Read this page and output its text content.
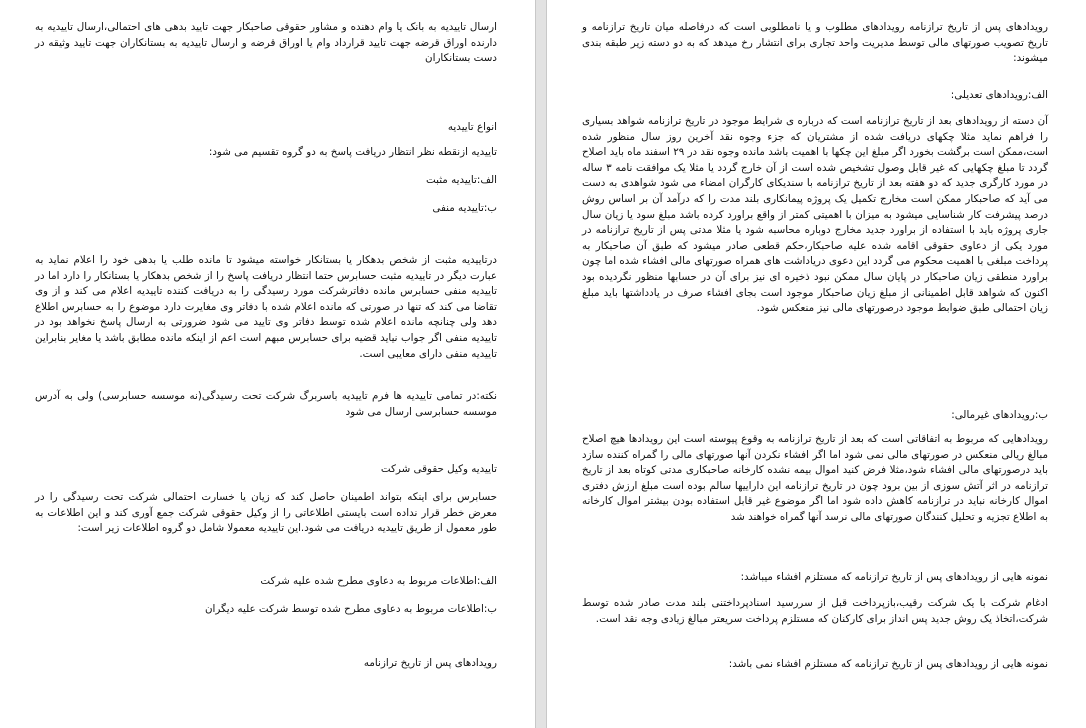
ارسال تاییدیه به بانک یا وام دهنده و مشاور حقوقی صاحبکار جهت تایید بدهی های احتمالی،ارسال تاییدیه به دارنده اوراق قرضه جهت تایید قرارداد وام یا اوراق قرضه و ارسال تاییدیه به بستانکاران جهت تایید وثیقه در دست بستانکاران
انواع تاییدیه
تاییدیه ازنقطه نظر انتظار دریافت پاسخ به دو گروه تقسیم می شود:
الف:تاییدیه مثبت
ب:تاییدیه منفی
درتاییدیه مثبت از شخص بدهکار یا بستانکار خواسته میشود تا مانده طلب یا بدهی خود را اعلام نماید به عبارت دیگر در تاییدیه مثبت حسابرس حتما انتظار دریافت پاسخ را از شخص بدهکار یا بستانکار را دارد اما در تاییدیه منفی حسابرس مانده دفاترشرکت مورد رسیدگی را به دریافت کننده تاییدیه اعلام می کند و از وی تقاضا می کند که تنها در صورتی که مانده اعلام شده با دفاتر وی مغایرت دارد موضوع را به حسابرس اطلاع دهد ولی چنانچه مانده اعلام شده توسط دفاتر وی تایید می شود ضرورتی به ارسال پاسخ نخواهد بود در تاییدیه منفی اگر جواب نیاید قضیه برای حسابرس مبهم است اعم از اینکه مانده مطابق باشد یا مغایر بنابراین تاییدیه منفی دارای معایبی است.
نکته:در تمامی تاییدیه ها فرم تاییدیه باسربرگ شرکت تحت رسیدگی(نه موسسه حسابرسی) ولی به آدرس موسسه حسابرسی ارسال می شود
تاییدیه وکیل حقوقی شرکت
حسابرس برای اینکه بتواند اطمینان حاصل کند که زیان یا خسارت احتمالی شرکت تحت رسیدگی را در معرض خطر قرار نداده است بایستی اطلاعاتی را از وکیل حقوقی شرکت جمع آوری کند و این اطلاعات به طور معمول از طریق تاییدیه دریافت می شود.این تاییدیه معمولا شامل دو گروه اطلاعات زیر است:
الف:اطلاعات مربوط به دعاوی مطرح شده علیه شرکت
ب:اطلاعات مربوط به دعاوی مطرح شده توسط شرکت علیه دیگران
رویدادهای پس از تاریخ ترازنامه
رویدادهای پس از تاریخ ترازنامه رویدادهای مطلوب و یا نامطلوبی است که درفاصله میان تاریخ ترازنامه و تاریخ تصویب صورتهای مالی توسط مدیریت واحد تجاری برای انتشار رخ میدهد که به دو دسته زیر طبقه بندی میشوند:
الف:رویدادهای تعدیلی:
آن دسته از رویدادهای بعد از تاریخ ترازنامه است که درباره ی شرایط موجود در تاریخ ترازنامه شواهد بسیاری را فراهم نماید مثلا چکهای دریافت شده از مشتریان که جزء وجوه نقد آخرین روز سال منظور شده است،ممکن است برگشت بخورد اگر مبلغ این چکها با اهمیت باشد مانده وجوه نقد در ۲۹ اسفند ماه باید اصلاح گردد تا مبلغ چکهایی که غیر قابل وصول تشخیص شده است از آن خارج گردد یا مثلا یک موافقت نامه ۳ ساله در مورد کارگری جدید که دو هفته بعد از تاریخ ترازنامه با سندیکای کارگران امضاء می شود شواهدی به دست می آید که صاحبکار ممکن است مخارج تکمیل یک پروژه پیمانکاری بلند مدت را که درآمد آن بر اساس روش درصد پیشرفت کار شناسایی میشود به میزان با اهمیتی کمتر از واقع براورد کرده باشد مبلغ سود یا زیان سال جاری پروژه باید با استفاده از براورد جدید مخارج دوباره محاسبه شود یا مثلا مدتی پس از تاریخ ترازنامه در مورد یکی از دعاوی حقوقی اقامه شده علیه صاحبکار،حکم قطعی صادر میشود که طبق آن صاحبکار به پرداخت مبلغی با اهمیت محکوم می گردد این دعوی دریاداشت های همراه صورتهای مالی افشاء شده اما چون براورد منطقی زیان صاحبکار در پایان سال ممکن نبود ذخیره ای نیز برای آن در حسابها منظور نگردیده بود اکنون که شواهد قابل اطمینانی از مبلغ زیان صاحبکار موجود است بجای افشاء صرف در یادداشتها باید مبلغ زیان احتمالی طبق ضوابط موجود درصورتهای مالی نیز منعکس شود.
ب:رویدادهای غیرمالی:
رویدادهایی که مربوط به اتفاقاتی است که بعد از تاریخ ترازنامه به وقوع پیوسته است این رویدادها هیچ اصلاح مبالغ ریالی منعکس در صورتهای مالی نمی شود اما اگر افشاء نکردن آنها صورتهای مالی را گمراه کننده سازد باید درصورتهای مالی افشاء شود،مثلا فرض کنید اموال بیمه نشده کارخانه صاحبکاری مدتی کوتاه بعد از تاریخ ترازنامه در اثر آتش سوزی از بین برود چون در تاریخ ترازنامه این داراییها سالم بوده است مبلغ ارزش دفتری اموال کارخانه نباید در ترازنامه کاهش داده شود اما اگر موضوع غیر قابل استفاده بودن بیشتر اموال کارخانه به اطلاع تجزیه و تحلیل کنندگان صورتهای مالی نرسد آنها گمراه خواهند شد
نمونه هایی از رویدادهای پس از تاریخ ترازنامه که مستلزم افشاء میباشد:
ادغام شرکت با یک شرکت رقیب،بازپرداخت قبل از سررسید اسنادپرداختنی بلند مدت صادر شده توسط شرکت،اتخاذ یک روش جدید پس انداز برای کارکنان که مستلزم پرداخت سریعتر مبالغ زیادی وجه نقد است.
نمونه هایی از رویدادهای پس از تاریخ ترازنامه که مستلزم افشاء نمی باشد:
